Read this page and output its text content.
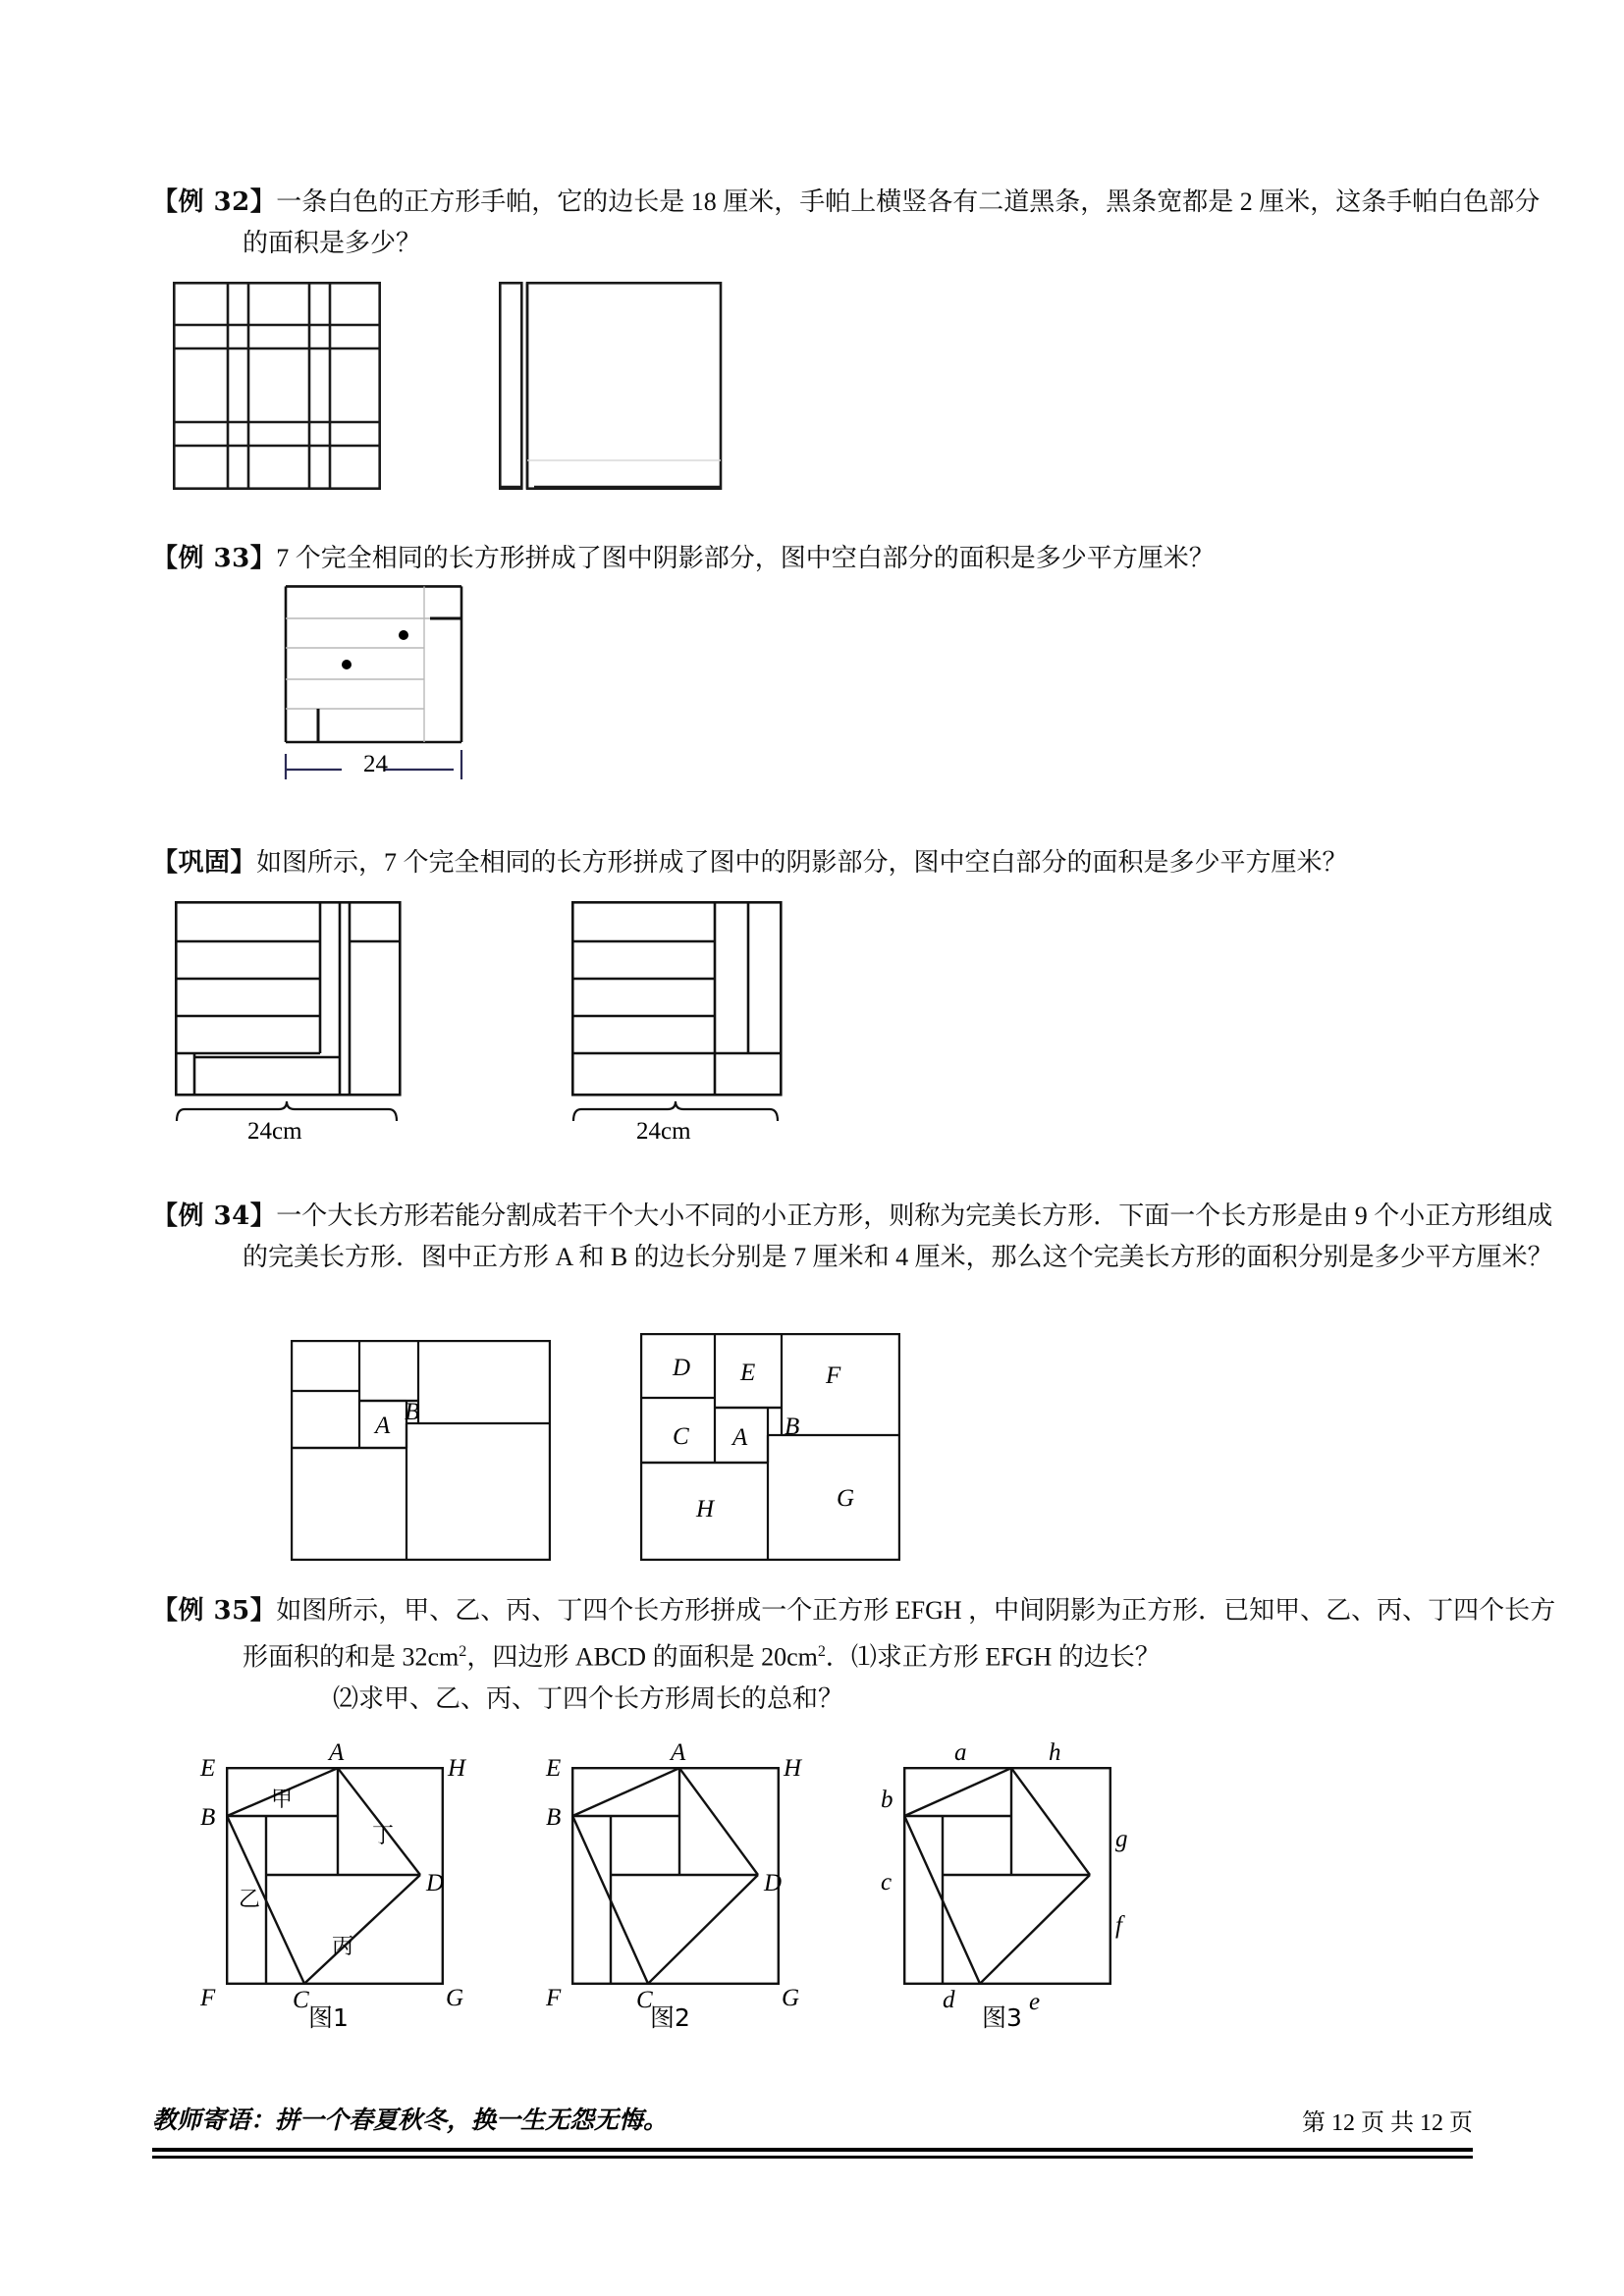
【例 32】一条白色的正方形手帕，它的边长是 18 厘米，手帕上横竖各有二道黑条，黑条宽都是 2 厘米，这条手帕白色部分的面积是多少？
【例 33】7 个完全相同的长方形拼成了图中阴影部分，图中空白部分的面积是多少平方厘米？
24
【巩固】如图所示，7 个完全相同的长方形拼成了图中的阴影部分，图中空白部分的面积是多少平方厘米？
24cm	24cm
【例 34】一个大长方形若能分割成若干个大小不同的小正方形，则称为完美长方形．下面一个长方形是由 9 个小正方形组成的完美长方形．图中正方形 A 和 B 的边长分别是 7 厘米和 4 厘米，那么这个完美长方形的面积分别是多少平方厘米？
A
B
D E	F
C A B
H	G
【例 35】如图所示，甲、乙、丙、丁四个长方形拼成一个正方形 EFGH ，中间阴影为正方形．已知甲、乙、丙、丁四个长方形面积的和是 $32cm^2$，四边形 ABCD 的面积是 $20cm^2$．⑴求正方形 EFGH 的边长？
⑵求甲、乙、丙、丁四个长方形周长的总和？
E
A
H
B
D
F	C	G
甲
丁
乙
丙
图1
E
A
H
B
D
F	C	G
图2
a	h
b
g
c
f
d	e
图3
教师寄语：拼一个春夏秋冬，换一生无怨无悔。	第 12 页 共 12 页
